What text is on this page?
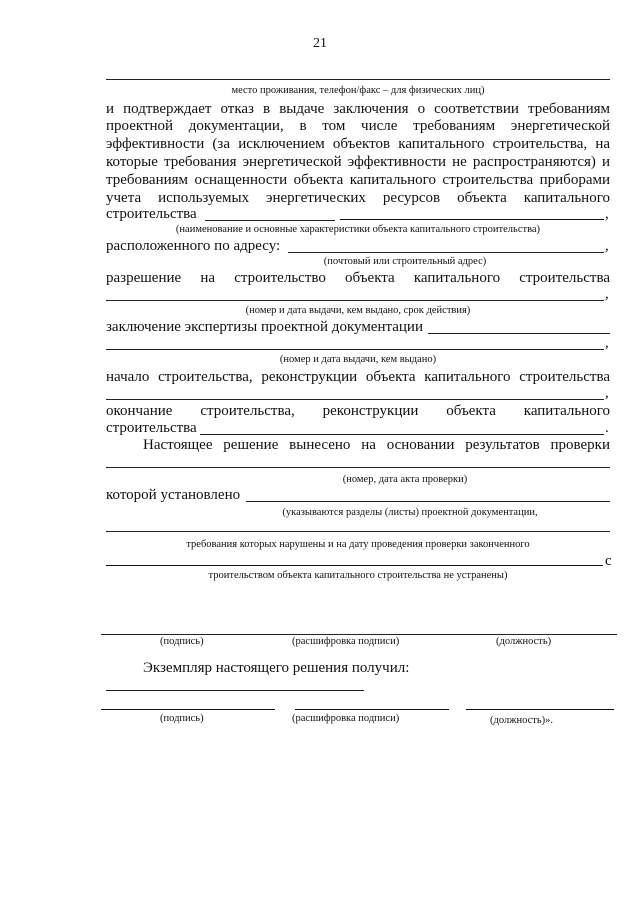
21
место проживания, телефон/факс – для физических лиц)
и подтверждает отказ в выдаче заключения о соответствии требованиям
проектной документации, в том числе требованиям энергетической
эффективности (за исключением объектов капитального строительства, на
которые требования энергетической эффективности не распространяются) и
требованиям оснащенности объекта капитального строительства приборами
учета используемых энергетических ресурсов объекта капитального
строительства	,
(наименование и основные характеристики объекта капитального строительства)
расположенного по адресу:	,
(почтовый или строительный адрес)
разрешение на строительство объекта капитального строительства
,
(номер и дата выдачи, кем выдано, срок действия)
заключение экспертизы проектной документации
,
(номер и дата выдачи, кем выдано)
начало строительства, реконструкции объекта капитального строительства
,
окончание строительства, реконструкции объекта капитального
строительства	.
Настоящее решение вынесено на основании результатов проверки
(номер, дата акта проверки)
которой установлено
(указываются разделы (листы) проектной документации,
требования которых нарушены и на дату проведения проверки законченного
с
троительством объекта капитального строительства не устранены)
(подпись)	(расшифровка подписи)	(должность)
Экземпляр настоящего решения получил:
(подпись)	(расшифровка подписи)	(должность)».
